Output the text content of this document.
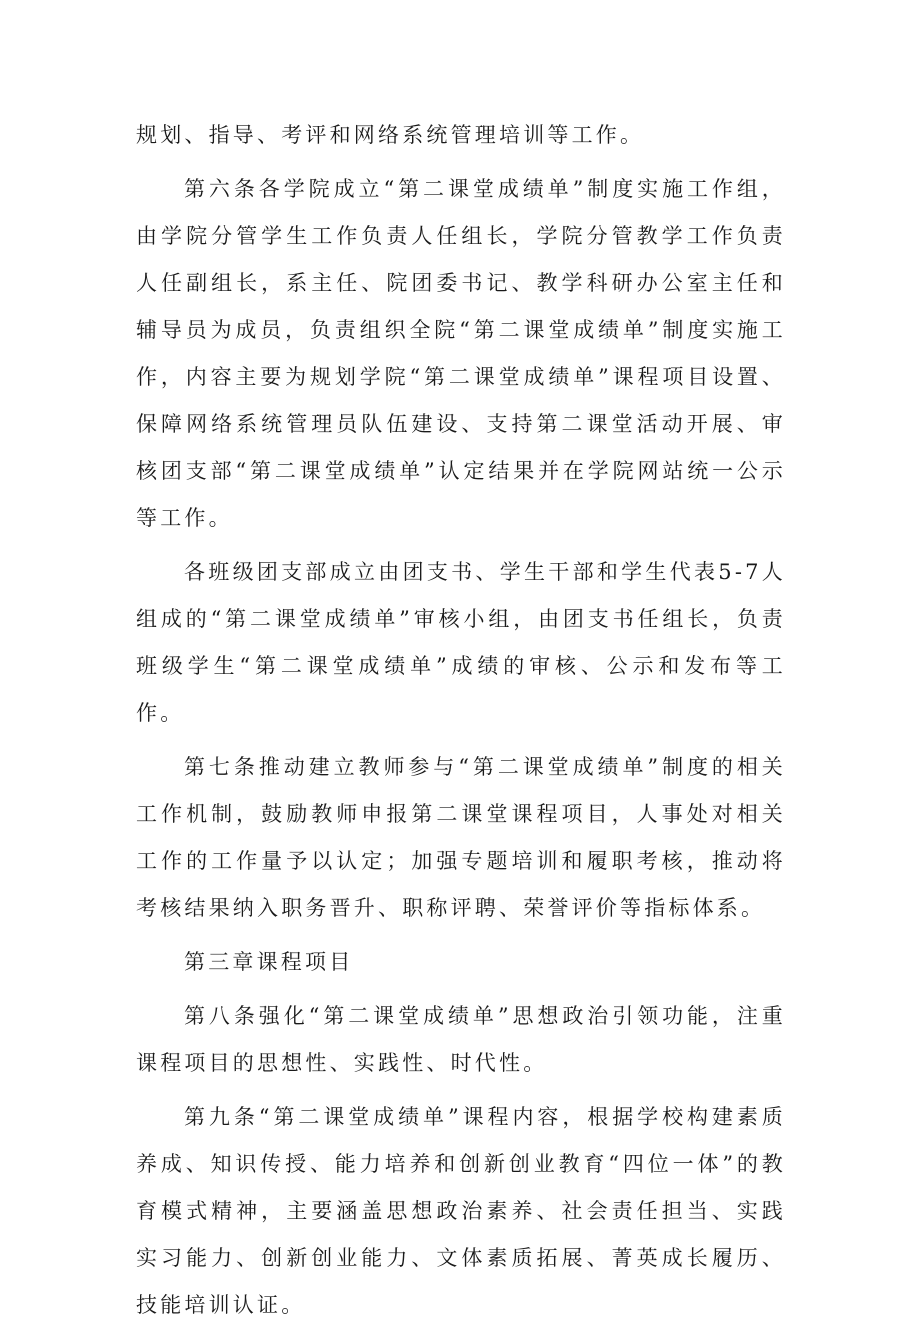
规划、指导、考评和网络系统管理培训等工作。

第六条各学院成立“第二课堂成绩单”制度实施工作组，由学院分管学生工作负责人任组长，学院分管教学工作负责人任副组长，系主任、院团委书记、教学科研办公室主任和辅导员为成员，负责组织全院“第二课堂成绩单”制度实施工作，内容主要为规划学院“第二课堂成绩单”课程项目设置、保障网络系统管理员队伍建设、支持第二课堂活动开展、审核团支部“第二课堂成绩单”认定结果并在学院网站统一公示等工作。

各班级团支部成立由团支书、学生干部和学生代表5-7人组成的“第二课堂成绩单”审核小组，由团支书任组长，负责班级学生“第二课堂成绩单”成绩的审核、公示和发布等工作。

第七条推动建立教师参与“第二课堂成绩单”制度的相关工作机制，鼓励教师申报第二课堂课程项目，人事处对相关工作的工作量予以认定；加强专题培训和履职考核，推动将考核结果纳入职务晋升、职称评聘、荣誉评价等指标体系。

第三章课程项目

第八条强化“第二课堂成绩单”思想政治引领功能，注重课程项目的思想性、实践性、时代性。

第九条“第二课堂成绩单”课程内容，根据学校构建素质养成、知识传授、能力培养和创新创业教育“四位一体”的教育模式精神，主要涵盖思想政治素养、社会责任担当、实践实习能力、创新创业能力、文体素质拓展、菁英成长履历、技能培训认证。
